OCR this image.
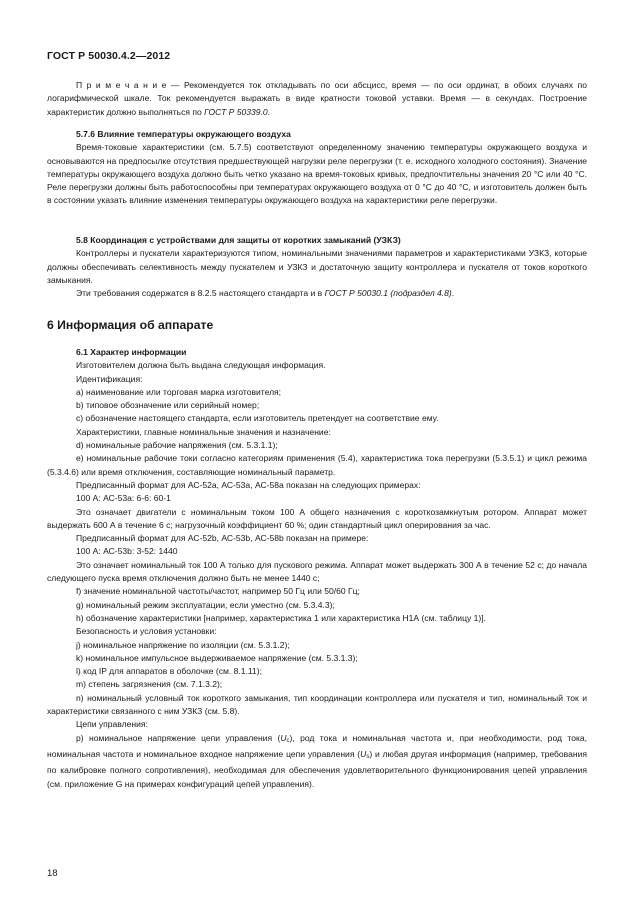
ГОСТ Р 50030.4.2—2012

П р и м е ч а н и е — Рекомендуется ток откладывать по оси абсцисс, время — по оси ординат, в обоих случаях по логарифмической шкале. Ток рекомендуется выражать в виде кратности токовой уставки. Время — в секундах. Построение характеристик должно выполняться по ГОСТ Р 50339.0.

5.7.6 Влияние температуры окружающего воздуха

Время-токовые характеристики (см. 5.7.5) соответствуют определенному значению температуры окружающего воздуха и основываются на предпосылке отсутствия предшествующей нагрузки реле перегрузки (т. е. исходного холодного состояния). Значение температуры окружающего воздуха должно быть четко указано на время-токовых кривых, предпочтительны значения 20 °С или 40 °С. Реле перегрузки должны быть работоспособны при температурах окружающего воздуха от 0 °С до 40 °С, и изготовитель должен быть в состоянии указать влияние изменения температуры окружающего воздуха на характеристики реле перегрузки.

5.8 Координация с устройствами для защиты от коротких замыканий (УЗКЗ)

Контроллеры и пускатели характеризуются типом, номинальными значениями параметров и характеристиками УЗКЗ, которые должны обеспечивать селективность между пускателем и УЗКЗ и достаточную защиту контроллера и пускателя от токов короткого замыкания.

Эти требования содержатся в 8.2.5 настоящего стандарта и в ГОСТ Р 50030.1 (подраздел 4.8).

6 Информация об аппарате

6.1 Характер информации

Изготовителем должна быть выдана следующая информация.

Идентификация:

a) наименование или торговая марка изготовителя;

b) типовое обозначение или серийный номер;

c) обозначение настоящего стандарта, если изготовитель претендует на соответствие ему.

Характеристики, главные номинальные значения и назначение:

d) номинальные рабочие напряжения (см. 5.3.1.1);

е) номинальные рабочие токи согласно категориям применения (5.4), характеристика тока перегрузки (5.3.5.1) и цикл режима (5.3.4.6) или время отключения, составляющие номинальный параметр.

Предписанный формат для АС-52а, АС-53а, АС-58а показан на следующих примерах:

100 А: АС-53а: 6-6: 60-1

Это означает двигатели с номинальным током 100 А общего назначения с короткозамкнутым ротором. Аппарат может выдержать 600 А в течение 6 с; нагрузочный коэффициент 60 %; один стандартный цикл оперирования за час.

Предписанный формат для АС-52b, АС-53b, АС-58b показан на примере:

100 А: АС-53b: 3-52: 1440

Это означает номинальный ток 100 А только для пускового режима. Аппарат может выдержать 300 А в течение 52 с; до начала следующего пуска время отключения должно быть не менее 1440 с;

f) значение номинальной частоты/частот, например 50 Гц или 50/60 Гц;

g) номинальный режим эксплуатации, если уместно (см. 5.3.4.3);

h) обозначение характеристики [например, характеристика 1 или характеристика Н1А (см. таблицу 1)].

Безопасность и условия установки:

j) номинальное напряжение по изоляции (см. 5.3.1.2);

k) номинальное импульсное выдерживаемое напряжение (см. 5.3.1.3);

l) код IP для аппаратов в оболочке (см. 8.1.11);

m) степень загрязнения (см. 7.1.3.2);

n) номинальный условный ток короткого замыкания, тип координации контроллера или пускателя и тип, номинальный ток и характеристики связанного с ним УЗКЗ (см. 5.8).

Цепи управления:

р) номинальное напряжение цепи управления $(U_c)$, род тока и номинальная частота и, при необходимости, род тока, номинальная частота и номинальное входное напряжение цепи управления $(U_s)$ и любая другая информация (например, требования по калибровке полного сопротивления), необходимая для обеспечения удовлетворительного функционирования цепей управления (см. приложение G на примерах конфигураций цепей управления).

18
